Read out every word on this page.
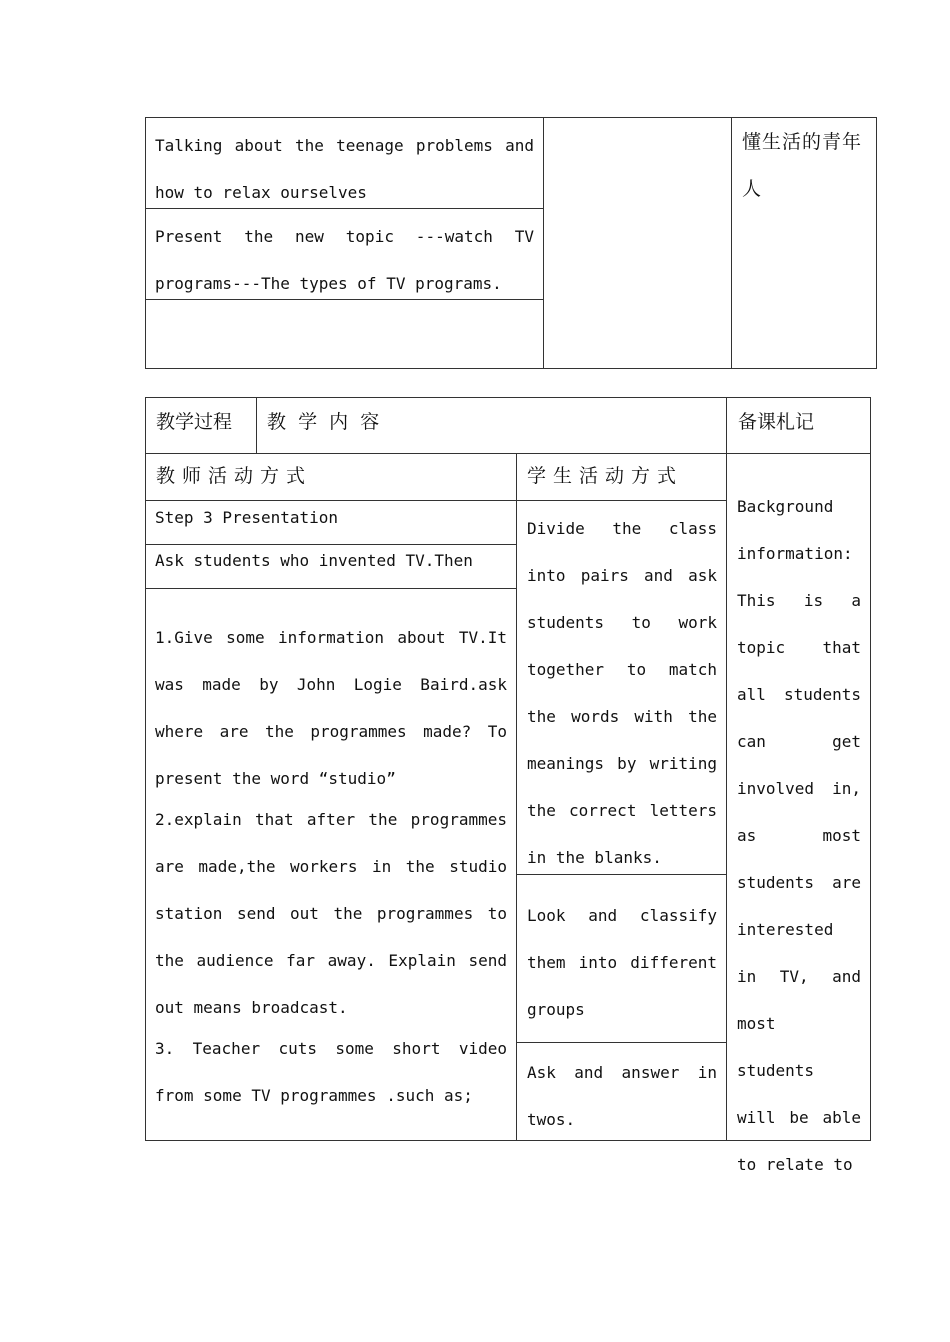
Talking about the teenage problems and how to relax ourselves

Present the new topic ---watch TV programs---The types of TV programs.

懂生活的青年人

教学过程 教  学  内  容	备课札记
教师活动方式	学生活动方式
Step 3 Presentation
Ask students who invented TV.Then

1.Give some information about TV.It was made by John Logie Baird.ask where are the programmes made? To present the word “studio”

2.explain that after the programmes are made,the workers in the studio station send out the programmes to the audience far away. Explain send out means broadcast.

3. Teacher cuts some short video from some TV programmes .such as;

Divide the class into pairs and ask students to work together to match the words with the meanings by writing the correct letters in the blanks.

Look and classify them into different groups

Ask and answer in twos.

Background information: This is a topic that all students can get involved in, as most students are interested in TV, and most students will be able to relate to
